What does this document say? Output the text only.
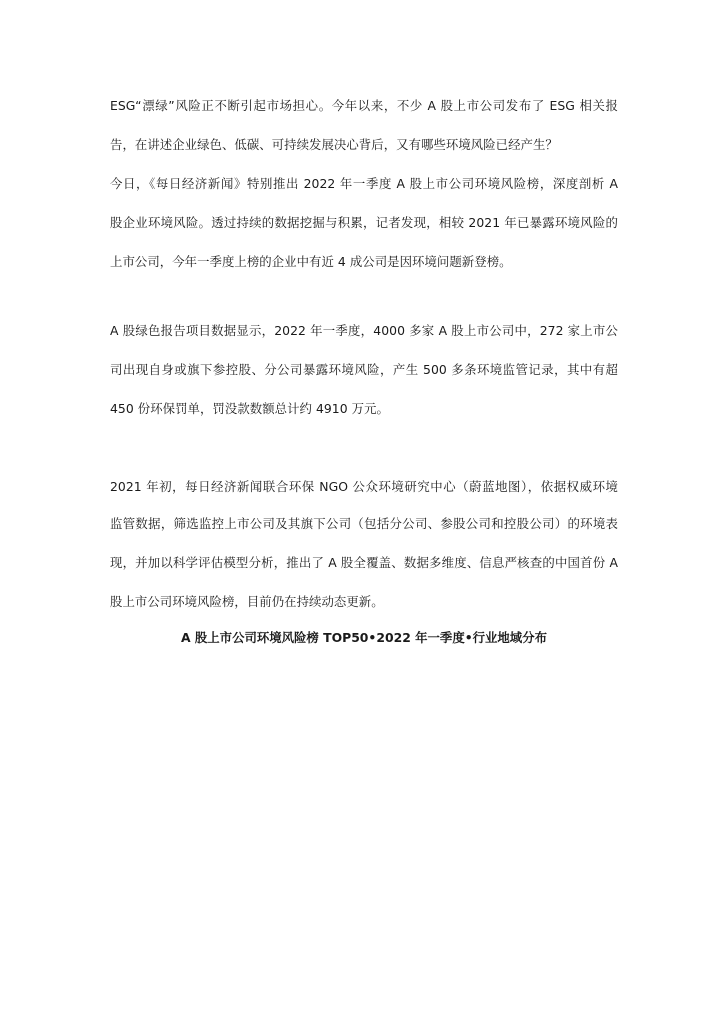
ESG“漂绿”风险正不断引起市场担心。今年以来，不少 A 股上市公司发布了 ESG 相关报
告，在讲述企业绿色、低碳、可持续发展决心背后，又有哪些环境风险已经产生？
今日，《每日经济新闻》特别推出 2022 年一季度 A 股上市公司环境风险榜，深度剖析 A
股企业环境风险。透过持续的数据挖掘与积累，记者发现，相较 2021 年已暴露环境风险的
上市公司，今年一季度上榜的企业中有近 4 成公司是因环境问题新登榜。
A 股绿色报告项目数据显示，2022 年一季度，4000 多家 A 股上市公司中，272 家上市公
司出现自身或旗下参控股、分公司暴露环境风险，产生 500 多条环境监管记录，其中有超
450 份环保罚单，罚没款数额总计约 4910 万元。
2021 年初，每日经济新闻联合环保 NGO 公众环境研究中心（蔚蓝地图），依据权威环境
监管数据，筛选监控上市公司及其旗下公司（包括分公司、参股公司和控股公司）的环境表
现，并加以科学评估模型分析，推出了 A 股全覆盖、数据多维度、信息严核查的中国首份 A
股上市公司环境风险榜，目前仍在持续动态更新。
A 股上市公司环境风险榜 TOP50•2022 年一季度•行业地域分布
